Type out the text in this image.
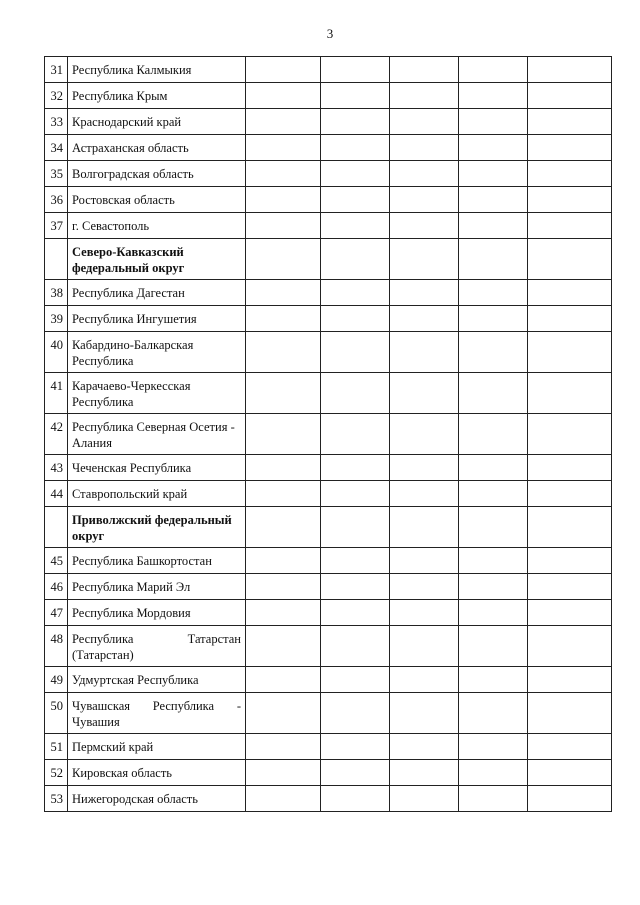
3
31	Республика Калмыкия					
32	Республика Крым					
33	Краснодарский край					
34	Астраханская область					
35	Волгоградская область					
36	Ростовская область					
37	г. Севастополь					
	Северо-Кавказский федеральный округ					
38	Республика Дагестан					
39	Республика Ингушетия					
40	Кабардино-Балкарская Республика					
41	Карачаево-Черкесская Республика					
42	Республика Северная Осетия - Алания					
43	Чеченская Республика					
44	Ставропольский край					
	Приволжский федеральный округ					
45	Республика Башкортостан					
46	Республика Марий Эл					
47	Республика Мордовия					
48	Республика Татарстан
(Татарстан)					

49	Удмуртская Республика					
50	Чувашская Республика -
Чувашия					

51	Пермский край					
52	Кировская область					
53	Нижегородская область					
